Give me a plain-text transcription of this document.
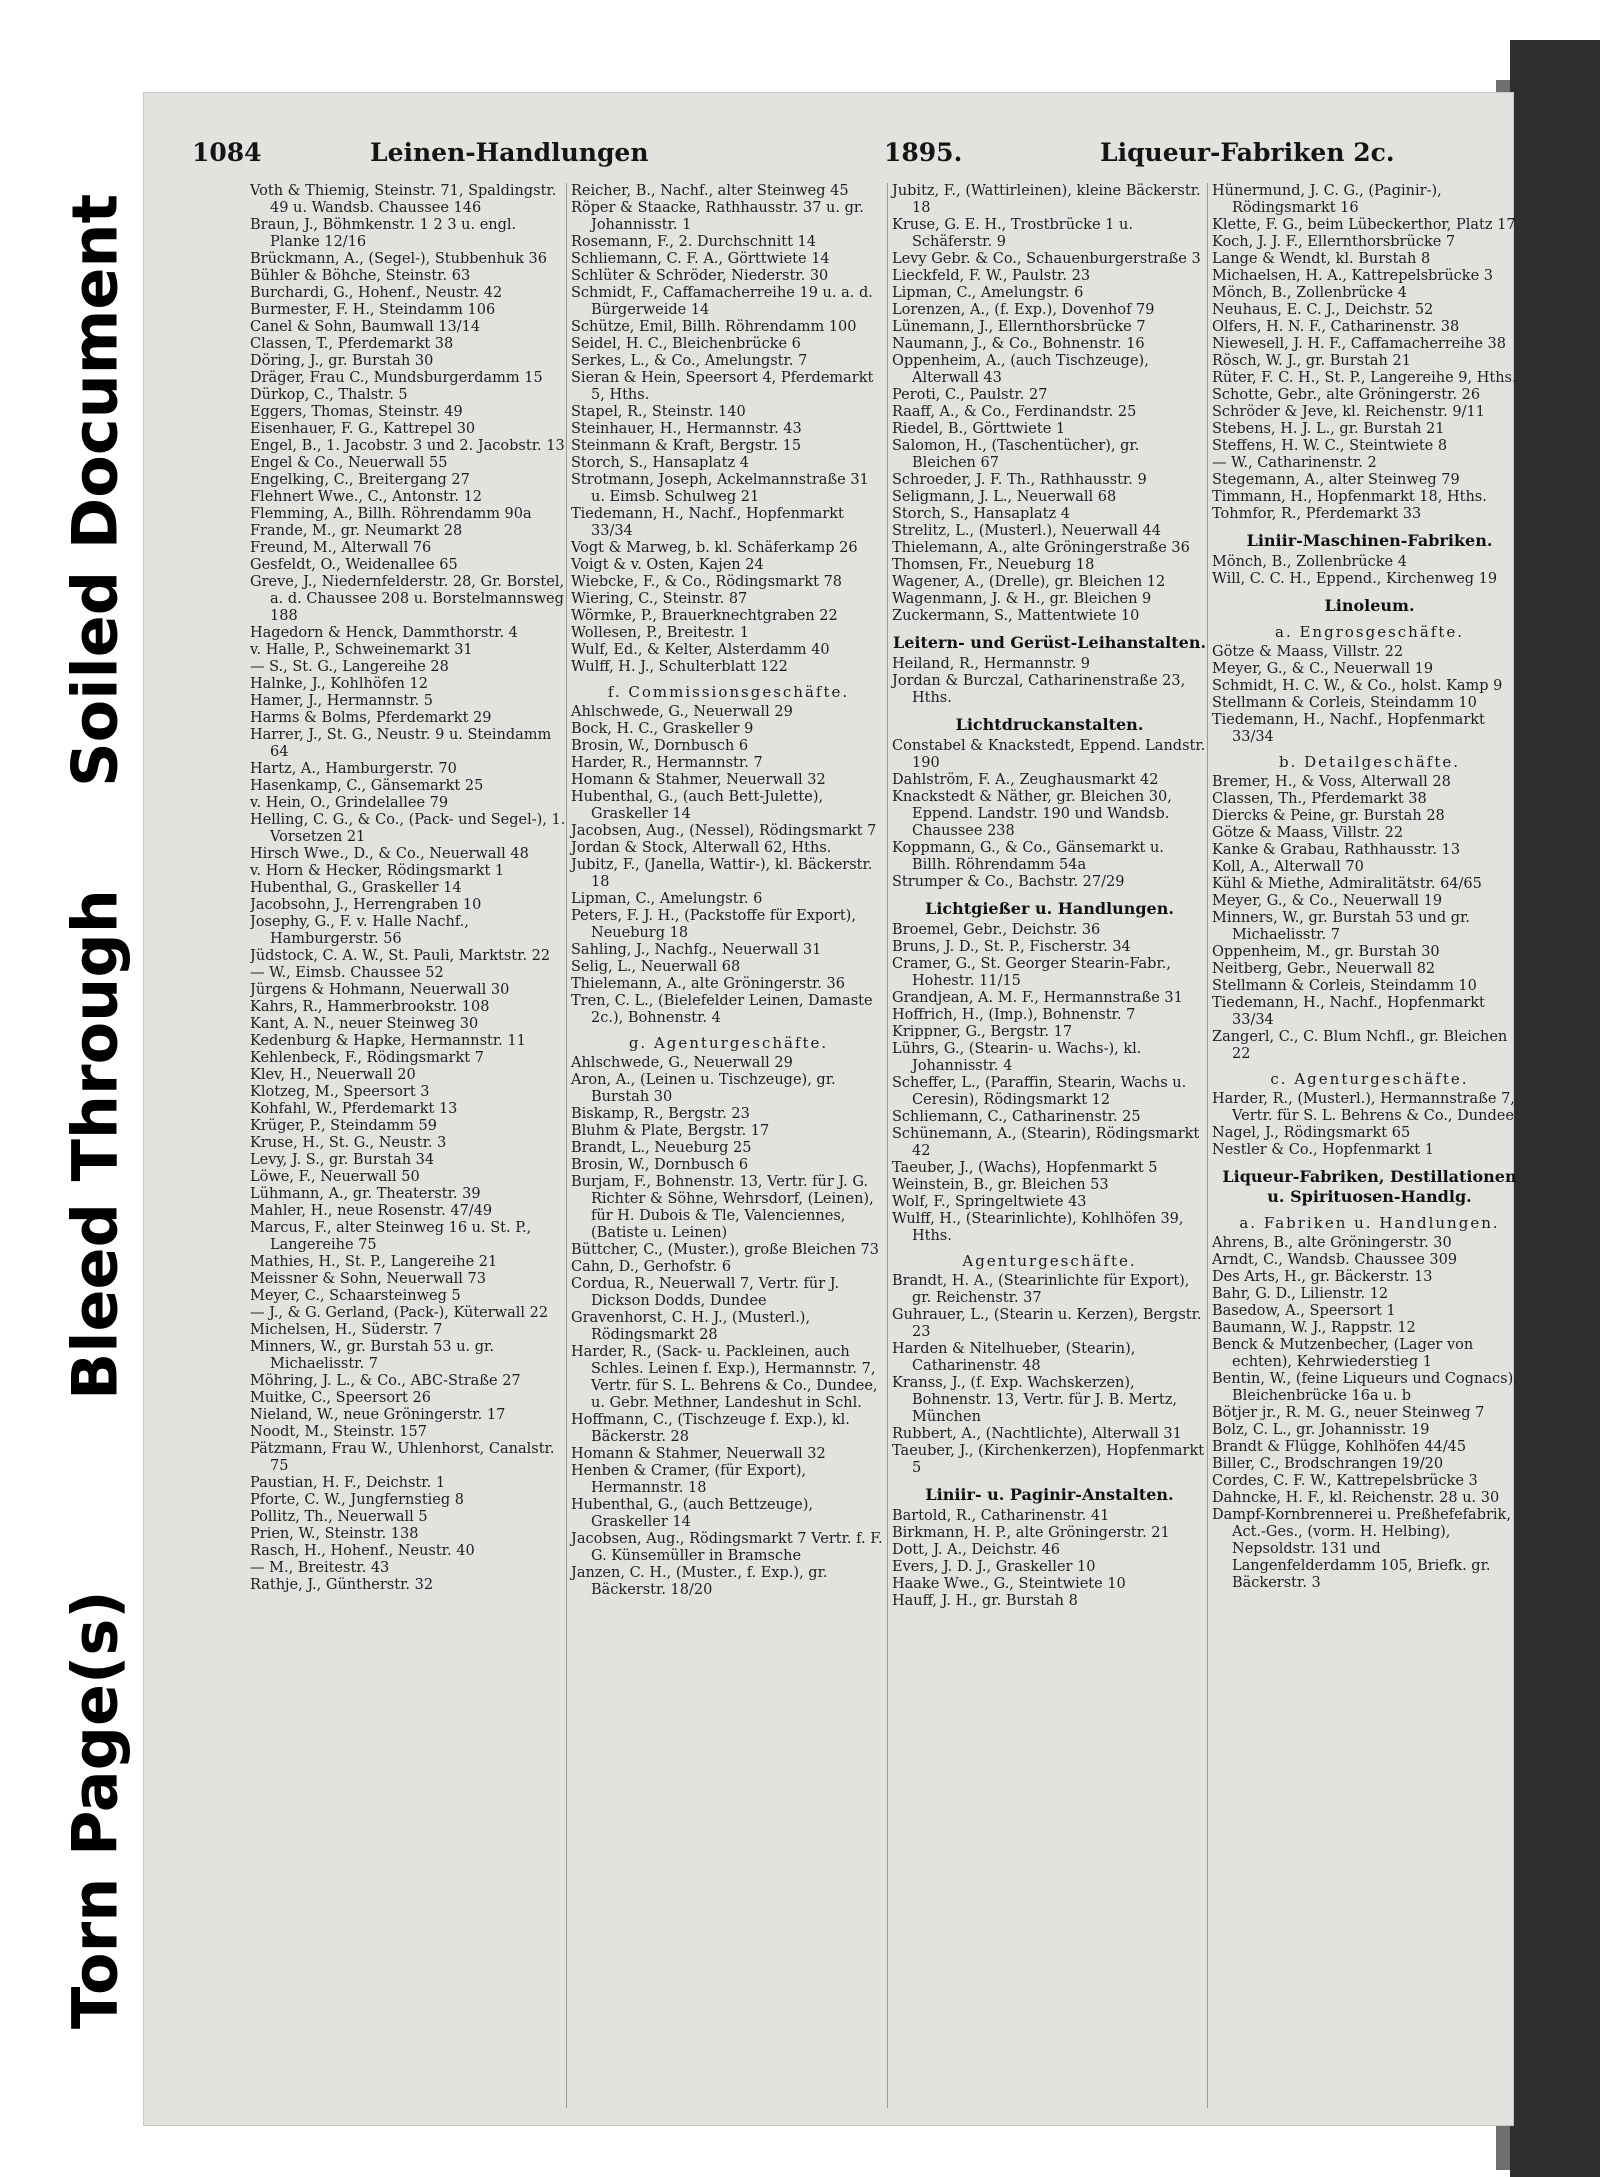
Soiled Document
Bleed Through
Torn Page(s)
1084	Leinen-Handlungen	1895.	Liqueur-Fabriken 2c.

Voth & Thiemig, Steinstr. 71, Spaldingstr. 49 u. Wandsb. Chaussee 146

Braun, J., Böhmkenstr. 1 2 3 u. engl. Planke 12/16

Brückmann, A., (Segel-), Stubbenhuk 36

Bühler & Böhche, Steinstr. 63

Burchardi, G., Hohenf., Neustr. 42

Burmester, F. H., Steindamm 106

Canel & Sohn, Baumwall 13/14

Classen, T., Pferdemarkt 38

Döring, J., gr. Burstah 30

Dräger, Frau C., Mundsburgerdamm 15

Dürkop, C., Thalstr. 5

Eggers, Thomas, Steinstr. 49

Eisenhauer, F. G., Kattrepel 30

Engel, B., 1. Jacobstr. 3 und 2. Jacobstr. 13

Engel & Co., Neuerwall 55

Engelking, C., Breitergang 27

Flehnert Wwe., C., Antonstr. 12

Flemming, A., Billh. Röhrendamm 90a

Frande, M., gr. Neumarkt 28

Freund, M., Alterwall 76

Gesfeldt, O., Weidenallee 65

Greve, J., Niedernfelderstr. 28, Gr. Borstel, a. d. Chaussee 208 u. Borstelmannsweg 188

Hagedorn & Henck, Dammthorstr. 4

v. Halle, P., Schweinemarkt 31

— S., St. G., Langereihe 28

Halnke, J., Kohlhöfen 12

Hamer, J., Hermannstr. 5

Harms & Bolms, Pferdemarkt 29

Harrer, J., St. G., Neustr. 9 u. Steindamm 64

Hartz, A., Hamburgerstr. 70

Hasenkamp, C., Gänsemarkt 25

v. Hein, O., Grindelallee 79

Helling, C. G., & Co., (Pack- und Segel-), 1. Vorsetzen 21

Hirsch Wwe., D., & Co., Neuerwall 48

v. Horn & Hecker, Rödingsmarkt 1

Hubenthal, G., Graskeller 14

Jacobsohn, J., Herrengraben 10

Josephy, G., F. v. Halle Nachf., Hamburgerstr. 56

Jüdstock, C. A. W., St. Pauli, Marktstr. 22

— W., Eimsb. Chaussee 52

Jürgens & Hohmann, Neuerwall 30

Kahrs, R., Hammerbrookstr. 108

Kant, A. N., neuer Steinweg 30

Kedenburg & Hapke, Hermannstr. 11

Kehlenbeck, F., Rödingsmarkt 7

Klev, H., Neuerwall 20

Klotzeg, M., Speersort 3

Kohfahl, W., Pferdemarkt 13

Krüger, P., Steindamm 59

Kruse, H., St. G., Neustr. 3

Levy, J. S., gr. Burstah 34

Löwe, F., Neuerwall 50

Lühmann, A., gr. Theaterstr. 39

Mahler, H., neue Rosenstr. 47/49

Marcus, F., alter Steinweg 16 u. St. P., Langereihe 75

Mathies, H., St. P., Langereihe 21

Meissner & Sohn, Neuerwall 73

Meyer, C., Schaarsteinweg 5

— J., & G. Gerland, (Pack-), Küterwall 22

Michelsen, H., Süderstr. 7

Minners, W., gr. Burstah 53 u. gr. Michaelisstr. 7

Möhring, J. L., & Co., ABC-Straße 27

Muitke, C., Speersort 26

Nieland, W., neue Gröningerstr. 17

Noodt, M., Steinstr. 157

Pätzmann, Frau W., Uhlenhorst, Canalstr. 75

Paustian, H. F., Deichstr. 1

Pforte, C. W., Jungfernstieg 8

Pollitz, Th., Neuerwall 5

Prien, W., Steinstr. 138

Rasch, H., Hohenf., Neustr. 40

— M., Breitestr. 43

Rathje, J., Güntherstr. 32

Reicher, B., Nachf., alter Steinweg 45

Röper & Staacke, Rathhausstr. 37 u. gr. Johannisstr. 1

Rosemann, F., 2. Durchschnitt 14

Schliemann, C. F. A., Görttwiete 14

Schlüter & Schröder, Niederstr. 30

Schmidt, F., Caffamacherreihe 19 u. a. d. Bürgerweide 14

Schütze, Emil, Billh. Röhrendamm 100

Seidel, H. C., Bleichenbrücke 6

Serkes, L., & Co., Amelungstr. 7

Sieran & Hein, Speersort 4, Pferdemarkt 5, Hths.

Stapel, R., Steinstr. 140

Steinhauer, H., Hermannstr. 43

Steinmann & Kraft, Bergstr. 15

Storch, S., Hansaplatz 4

Strotmann, Joseph, Ackelmannstraße 31 u. Eimsb. Schulweg 21

Tiedemann, H., Nachf., Hopfenmarkt 33/34

Vogt & Marweg, b. kl. Schäferkamp 26

Voigt & v. Osten, Kajen 24

Wiebcke, F., & Co., Rödingsmarkt 78

Wiering, C., Steinstr. 87

Wörmke, P., Brauerknechtgraben 22

Wollesen, P., Breitestr. 1

Wulf, Ed., & Kelter, Alsterdamm 40

Wulff, H. J., Schulterblatt 122

f. Commissionsgeschäfte.

Ahlschwede, G., Neuerwall 29

Bock, H. C., Graskeller 9

Brosin, W., Dornbusch 6

Harder, R., Hermannstr. 7

Homann & Stahmer, Neuerwall 32

Hubenthal, G., (auch Bett-Julette), Graskeller 14

Jacobsen, Aug., (Nessel), Rödingsmarkt 7

Jordan & Stock, Alterwall 62, Hths.

Jubitz, F., (Janella, Wattir-), kl. Bäckerstr. 18

Lipman, C., Amelungstr. 6

Peters, F. J. H., (Packstoffe für Export), Neueburg 18

Sahling, J., Nachfg., Neuerwall 31

Selig, L., Neuerwall 68

Thielemann, A., alte Gröningerstr. 36

Tren, C. L., (Bielefelder Leinen, Damaste 2c.), Bohnenstr. 4

g. Agenturgeschäfte.

Ahlschwede, G., Neuerwall 29

Aron, A., (Leinen u. Tischzeuge), gr. Burstah 30

Biskamp, R., Bergstr. 23

Bluhm & Plate, Bergstr. 17

Brandt, L., Neueburg 25

Brosin, W., Dornbusch 6

Burjam, F., Bohnenstr. 13, Vertr. für J. G. Richter & Söhne, Wehrsdorf, (Leinen), für H. Dubois & Tle, Valenciennes, (Batiste u. Leinen)

Büttcher, C., (Muster.), große Bleichen 73

Cahn, D., Gerhofstr. 6

Cordua, R., Neuerwall 7, Vertr. für J. Dickson Dodds, Dundee

Gravenhorst, C. H. J., (Musterl.), Rödingsmarkt 28

Harder, R., (Sack- u. Packleinen, auch Schles. Leinen f. Exp.), Hermannstr. 7, Vertr. für S. L. Behrens & Co., Dundee, u. Gebr. Methner, Landeshut in Schl.

Hoffmann, C., (Tischzeuge f. Exp.), kl. Bäckerstr. 28

Homann & Stahmer, Neuerwall 32

Henben & Cramer, (für Export), Hermannstr. 18

Hubenthal, G., (auch Bettzeuge), Graskeller 14

Jacobsen, Aug., Rödingsmarkt 7 Vertr. f. F. G. Künsemüller in Bramsche

Janzen, C. H., (Muster., f. Exp.), gr. Bäckerstr. 18/20

Jubitz, F., (Wattirleinen), kleine Bäckerstr. 18

Kruse, G. E. H., Trostbrücke 1 u. Schäferstr. 9

Levy Gebr. & Co., Schauenburgerstraße 3

Lieckfeld, F. W., Paulstr. 23

Lipman, C., Amelungstr. 6

Lorenzen, A., (f. Exp.), Dovenhof 79

Lünemann, J., Ellernthorsbrücke 7

Naumann, J., & Co., Bohnenstr. 16

Oppenheim, A., (auch Tischzeuge), Alterwall 43

Peroti, C., Paulstr. 27

Raaff, A., & Co., Ferdinandstr. 25

Riedel, B., Görttwiete 1

Salomon, H., (Taschentücher), gr. Bleichen 67

Schroeder, J. F. Th., Rathhausstr. 9

Seligmann, J. L., Neuerwall 68

Storch, S., Hansaplatz 4

Strelitz, L., (Musterl.), Neuerwall 44

Thielemann, A., alte Gröningerstraße 36

Thomsen, Fr., Neueburg 18

Wagener, A., (Drelle), gr. Bleichen 12

Wagenmann, J. & H., gr. Bleichen 9

Zuckermann, S., Mattentwiete 10

Leitern- und Gerüst-Leihanstalten.

Heiland, R., Hermannstr. 9

Jordan & Burczal, Catharinenstraße 23, Hths.

Lichtdruckanstalten.

Constabel & Knackstedt, Eppend. Landstr. 190

Dahlström, F. A., Zeughausmarkt 42

Knackstedt & Näther, gr. Bleichen 30, Eppend. Landstr. 190 und Wandsb. Chaussee 238

Koppmann, G., & Co., Gänsemarkt u. Billh. Röhrendamm 54a

Strumper & Co., Bachstr. 27/29

Lichtgießer u. Handlungen.

Broemel, Gebr., Deichstr. 36

Bruns, J. D., St. P., Fischerstr. 34

Cramer, G., St. Georger Stearin-Fabr., Hohestr. 11/15

Grandjean, A. M. F., Hermannstraße 31

Hoffrich, H., (Imp.), Bohnenstr. 7

Krippner, G., Bergstr. 17

Lührs, G., (Stearin- u. Wachs-), kl. Johannisstr. 4

Scheffer, L., (Paraffin, Stearin, Wachs u. Ceresin), Rödingsmarkt 12

Schliemann, C., Catharinenstr. 25

Schünemann, A., (Stearin), Rödingsmarkt 42

Taeuber, J., (Wachs), Hopfenmarkt 5

Weinstein, B., gr. Bleichen 53

Wolf, F., Springeltwiete 43

Wulff, H., (Stearinlichte), Kohlhöfen 39, Hths.

Agenturgeschäfte.

Brandt, H. A., (Stearinlichte für Export), gr. Reichenstr. 37

Guhrauer, L., (Stearin u. Kerzen), Bergstr. 23

Harden & Nitelhueber, (Stearin), Catharinenstr. 48

Kranss, J., (f. Exp. Wachskerzen), Bohnenstr. 13, Vertr. für J. B. Mertz, München

Rubbert, A., (Nachtlichte), Alterwall 31

Taeuber, J., (Kirchenkerzen), Hopfenmarkt 5

Liniir- u. Paginir-Anstalten.

Bartold, R., Catharinenstr. 41

Birkmann, H. P., alte Gröningerstr. 21

Dott, J. A., Deichstr. 46

Evers, J. D. J., Graskeller 10

Haake Wwe., G., Steintwiete 10

Hauff, J. H., gr. Burstah 8

Hünermund, J. C. G., (Paginir-), Rödingsmarkt 16

Klette, F. G., beim Lübeckerthor, Platz 17

Koch, J. J. F., Ellernthorsbrücke 7

Lange & Wendt, kl. Burstah 8

Michaelsen, H. A., Kattrepelsbrücke 3

Mönch, B., Zollenbrücke 4

Neuhaus, E. C. J., Deichstr. 52

Olfers, H. N. F., Catharinenstr. 38

Niewesell, J. H. F., Caffamacherreihe 38

Rösch, W. J., gr. Burstah 21

Rüter, F. C. H., St. P., Langereihe 9, Hths.

Schotte, Gebr., alte Gröningerstr. 26

Schröder & Jeve, kl. Reichenstr. 9/11

Stebens, H. J. L., gr. Burstah 21

Steffens, H. W. C., Steintwiete 8

— W., Catharinenstr. 2

Stegemann, A., alter Steinweg 79

Timmann, H., Hopfenmarkt 18, Hths.

Tohmfor, R., Pferdemarkt 33

Liniir-Maschinen-Fabriken.

Mönch, B., Zollenbrücke 4

Will, C. C. H., Eppend., Kirchenweg 19

Linoleum.

a. Engrosgeschäfte.

Götze & Maass, Villstr. 22

Meyer, G., & C., Neuerwall 19

Schmidt, H. C. W., & Co., holst. Kamp 9

Stellmann & Corleis, Steindamm 10

Tiedemann, H., Nachf., Hopfenmarkt 33/34

b. Detailgeschäfte.

Bremer, H., & Voss, Alterwall 28

Classen, Th., Pferdemarkt 38

Diercks & Peine, gr. Burstah 28

Götze & Maass, Villstr. 22

Kanke & Grabau, Rathhausstr. 13

Koll, A., Alterwall 70

Kühl & Miethe, Admiralitätstr. 64/65

Meyer, G., & Co., Neuerwall 19

Minners, W., gr. Burstah 53 und gr. Michaelisstr. 7

Oppenheim, M., gr. Burstah 30

Neitberg, Gebr., Neuerwall 82

Stellmann & Corleis, Steindamm 10

Tiedemann, H., Nachf., Hopfenmarkt 33/34

Zangerl, C., C. Blum Nchfl., gr. Bleichen 22

c. Agenturgeschäfte.

Harder, R., (Musterl.), Hermannstraße 7, Vertr. für S. L. Behrens & Co., Dundee

Nagel, J., Rödingsmarkt 65

Nestler & Co., Hopfenmarkt 1

Liqueur-Fabriken, Destillationen u. Spirituosen-Handlg.

a. Fabriken u. Handlungen.

Ahrens, B., alte Gröningerstr. 30

Arndt, C., Wandsb. Chaussee 309

Des Arts, H., gr. Bäckerstr. 13

Bahr, G. D., Lilienstr. 12

Basedow, A., Speersort 1

Baumann, W. J., Rappstr. 12

Benck & Mutzenbecher, (Lager von echten), Kehrwiederstieg 1

Bentin, W., (feine Liqueurs und Cognacs), Bleichenbrücke 16a u. b

Bötjer jr., R. M. G., neuer Steinweg 7

Bolz, C. L., gr. Johannisstr. 19

Brandt & Flügge, Kohlhöfen 44/45

Biller, C., Brodschrangen 19/20

Cordes, C. F. W., Kattrepelsbrücke 3

Dahncke, H. F., kl. Reichenstr. 28 u. 30

Dampf-Kornbrennerei u. Preßhefefabrik, Act.-Ges., (vorm. H. Helbing), Nepsoldstr. 131 und Langenfelderdamm 105, Briefk. gr. Bäckerstr. 3
